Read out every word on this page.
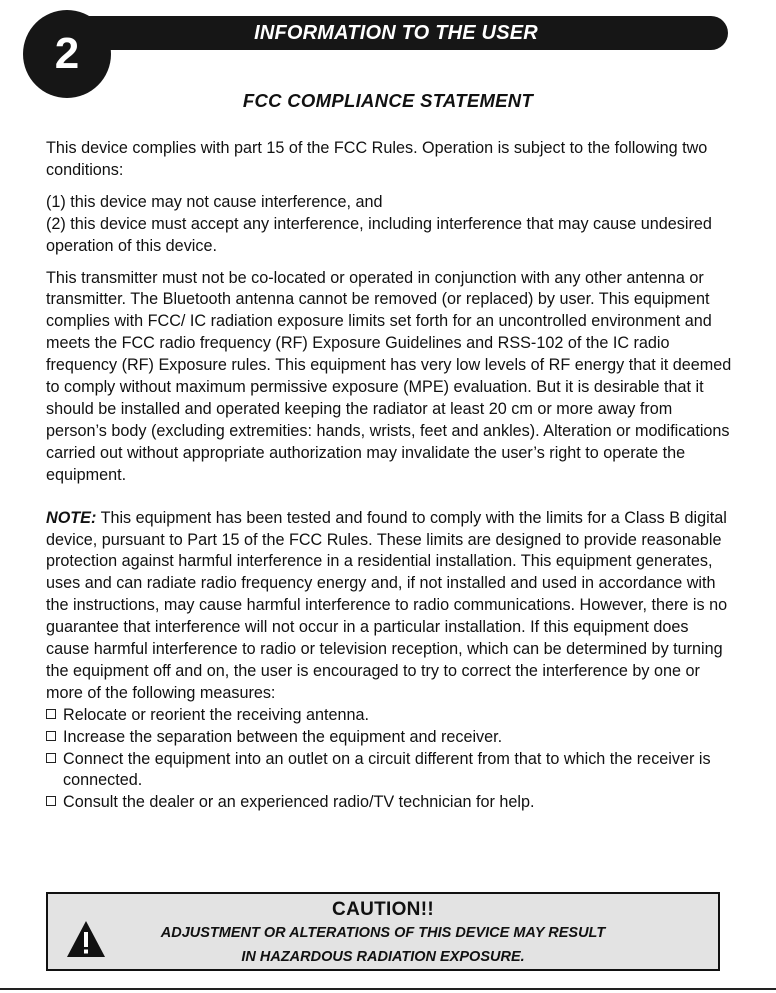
INFORMATION TO THE USER
2
FCC COMPLIANCE STATEMENT

This device complies with part 15 of the FCC Rules. Operation is subject to the following two conditions:

(1) this device may not cause interference, and

(2) this device must accept any interference, including interference that may cause undesired operation of this device.

This transmitter must not be co-located or operated in conjunction with any other antenna or transmitter. The Bluetooth antenna cannot be removed (or replaced) by user. This equipment complies with FCC/ IC radiation exposure limits set forth for an uncontrolled environment and meets the FCC radio frequency (RF) Exposure Guidelines and RSS-102 of the IC radio frequency (RF) Exposure rules. This equipment has very low levels of RF energy that it deemed to comply without maximum permissive exposure (MPE) evaluation. But it is desirable that it should be installed and operated keeping the radiator at least 20 cm or more away from person’s body (excluding extremities: hands, wrists, feet and ankles). Alteration or modifications carried out without appropriate authorization may invalidate the user’s right to operate the equipment.

NOTE: This equipment has been tested and found to comply with the limits for a Class B digital device, pursuant to Part 15 of the FCC Rules. These limits are designed to provide reasonable protection against harmful interference in a residential installation. This equipment generates, uses and can radiate radio frequency energy and, if not installed and used in accordance with the instructions, may cause harmful interference to radio communications. However, there is no guarantee that interference will not occur in a particular installation. If this equipment does cause harmful interference to radio or television reception, which can be determined by turning the equipment off and on, the user is encouraged to try to correct the interference by one or more of the following measures:

Relocate or reorient the receiving antenna.
Increase the separation between the equipment and receiver.
Connect the equipment into an outlet on a circuit different from that to which the receiver is connected.
Consult the dealer or an experienced radio/TV technician for help.
CAUTION!!
ADJUSTMENT OR ALTERATIONS OF THIS DEVICE MAY RESULT
IN HAZARDOUS RADIATION EXPOSURE.
